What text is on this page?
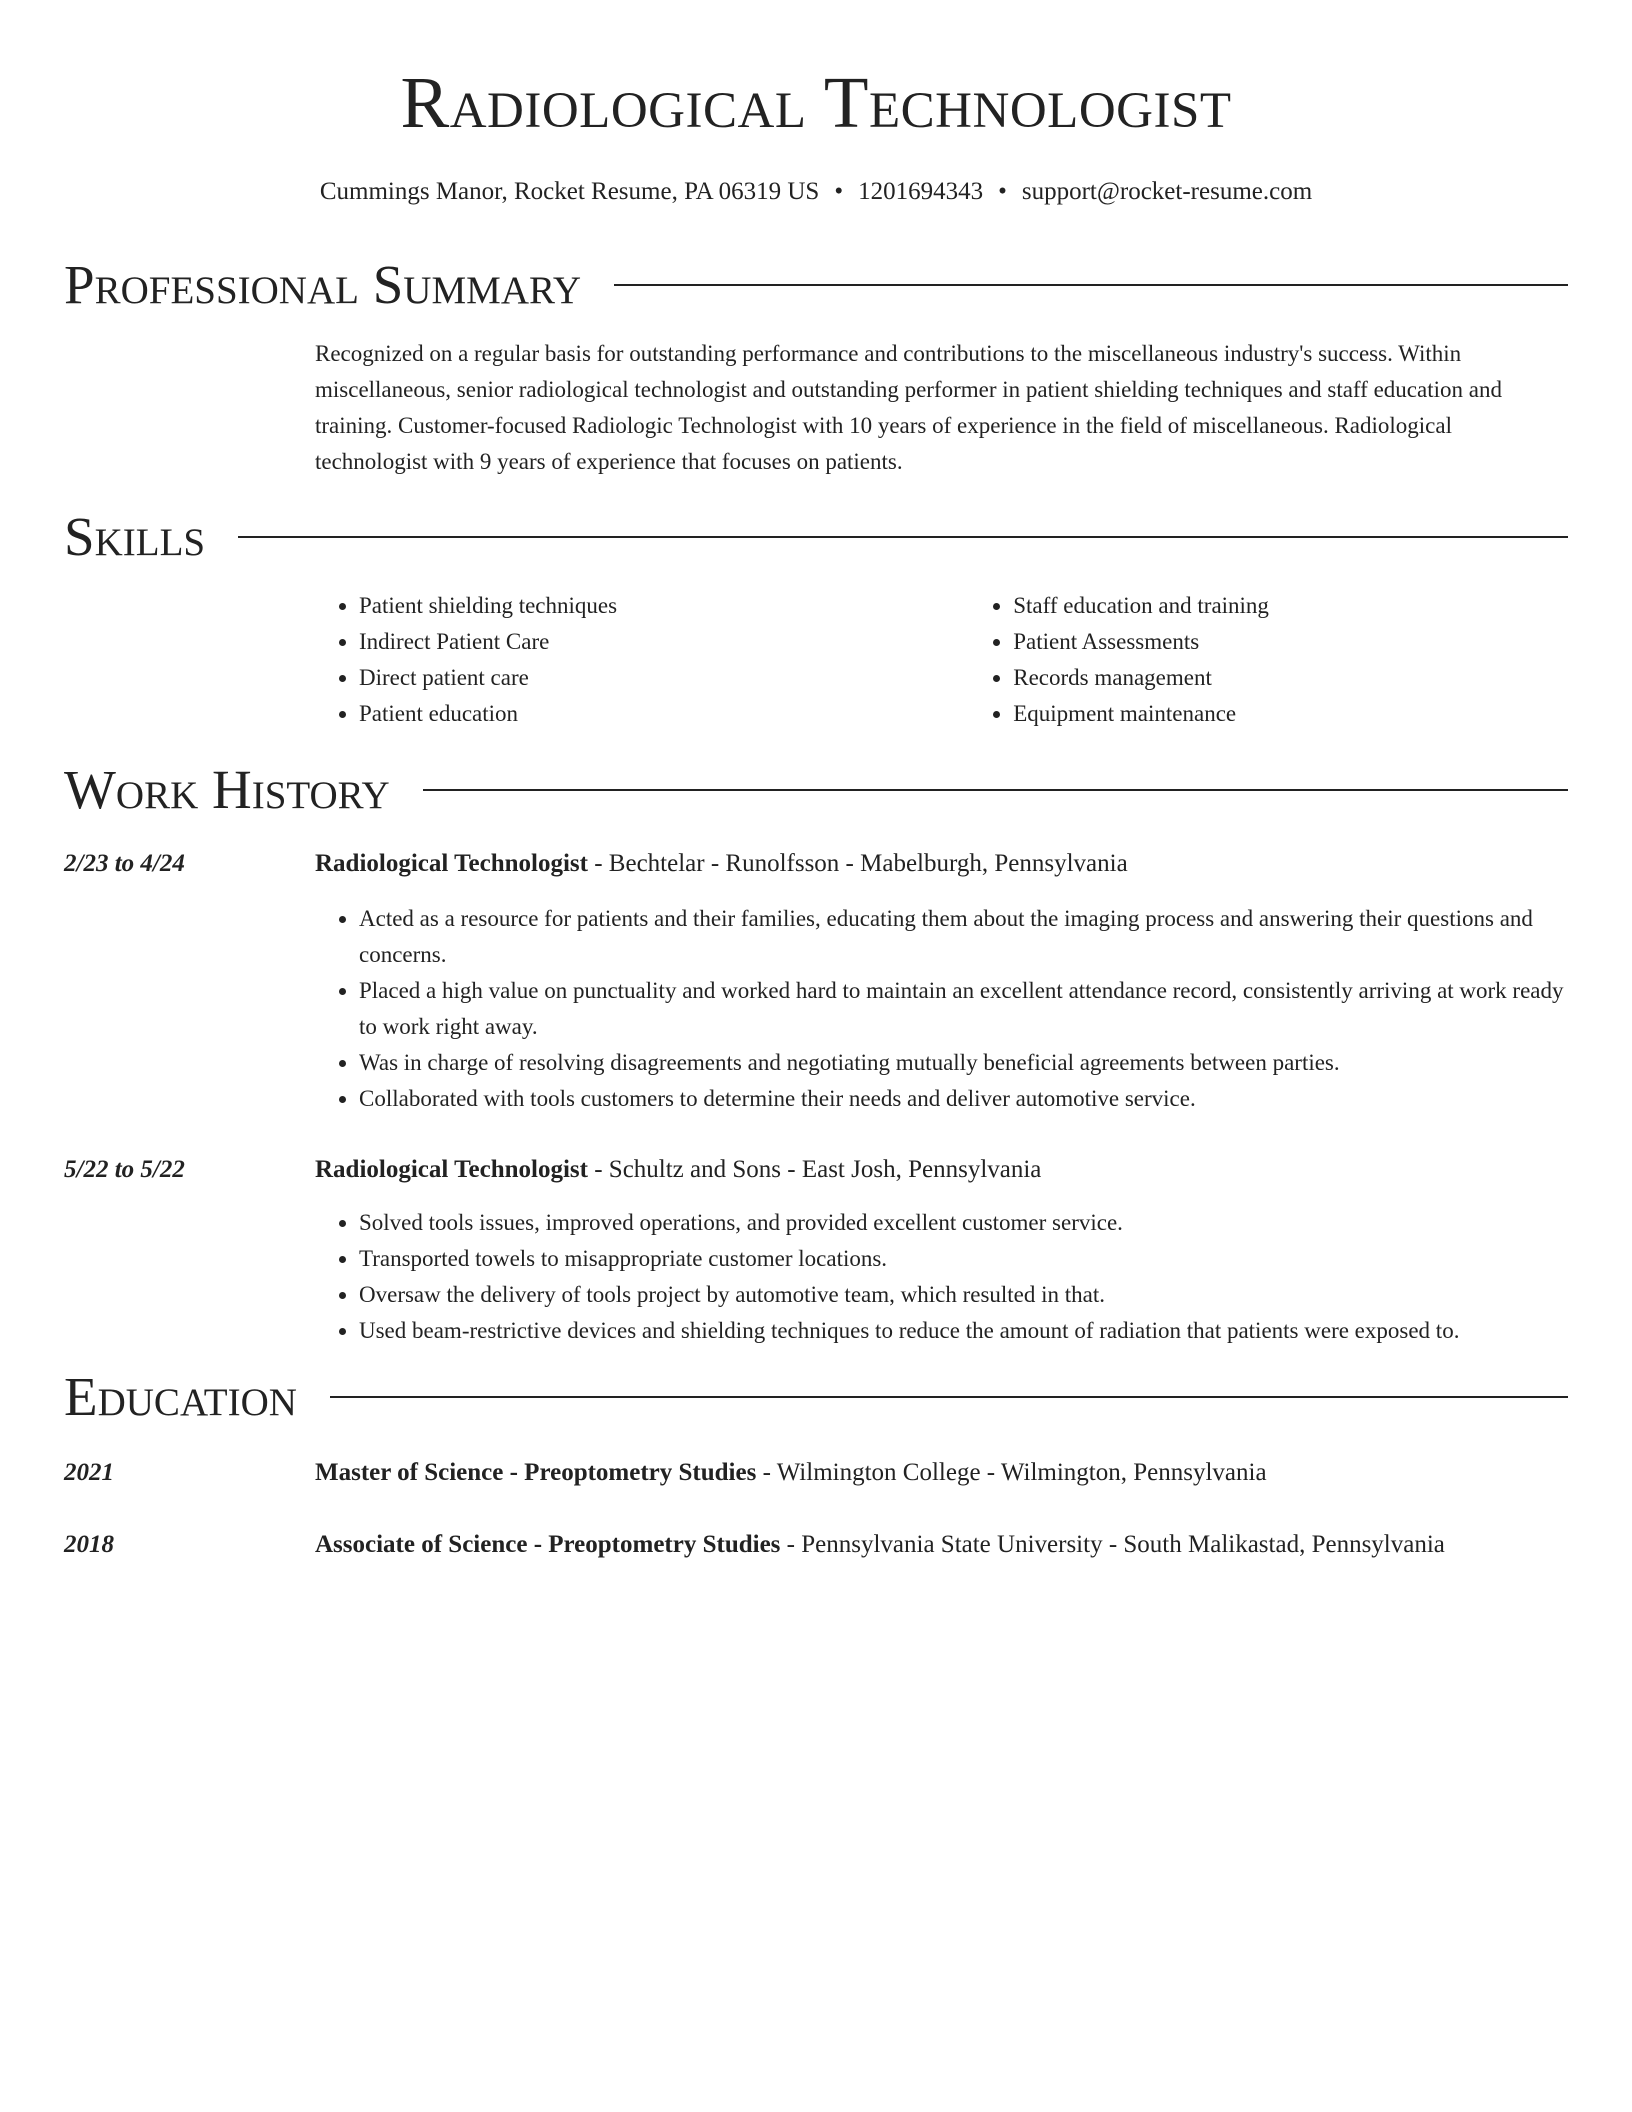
Radiological Technologist
Cummings Manor, Rocket Resume, PA 06319 US • 1201694343 • support@rocket-resume.com
Professional Summary

Recognized on a regular basis for outstanding performance and contributions to the miscellaneous industry's success. Within miscellaneous, senior radiological technologist and outstanding performer in patient shielding techniques and staff education and training. Customer-focused Radiologic Technologist with 10 years of experience in the field of miscellaneous. Radiological technologist with 9 years of experience that focuses on patients.

Skills
• Patient shielding techniques
• Indirect Patient Care
• Direct patient care
• Patient education
• Staff education and training
• Patient Assessments
• Records management
• Equipment maintenance
Work History
2/23 to 4/24	Radiological Technologist - Bechtelar - Runolfsson - Mabelburgh, Pennsylvania
• Acted as a resource for patients and their families, educating them about the imaging process and answering their questions and concerns.
• Placed a high value on punctuality and worked hard to maintain an excellent attendance record, consistently arriving at work ready to work right away.
• Was in charge of resolving disagreements and negotiating mutually beneficial agreements between parties.
• Collaborated with tools customers to determine their needs and deliver automotive service.
5/22 to 5/22	Radiological Technologist - Schultz and Sons - East Josh, Pennsylvania
• Solved tools issues, improved operations, and provided excellent customer service.
• Transported towels to misappropriate customer locations.
• Oversaw the delivery of tools project by automotive team, which resulted in that.
• Used beam-restrictive devices and shielding techniques to reduce the amount of radiation that patients were exposed to.
Education
2021	Master of Science - Preoptometry Studies - Wilmington College - Wilmington, Pennsylvania
2018	Associate of Science - Preoptometry Studies - Pennsylvania State University - South Malikastad, Pennsylvania
